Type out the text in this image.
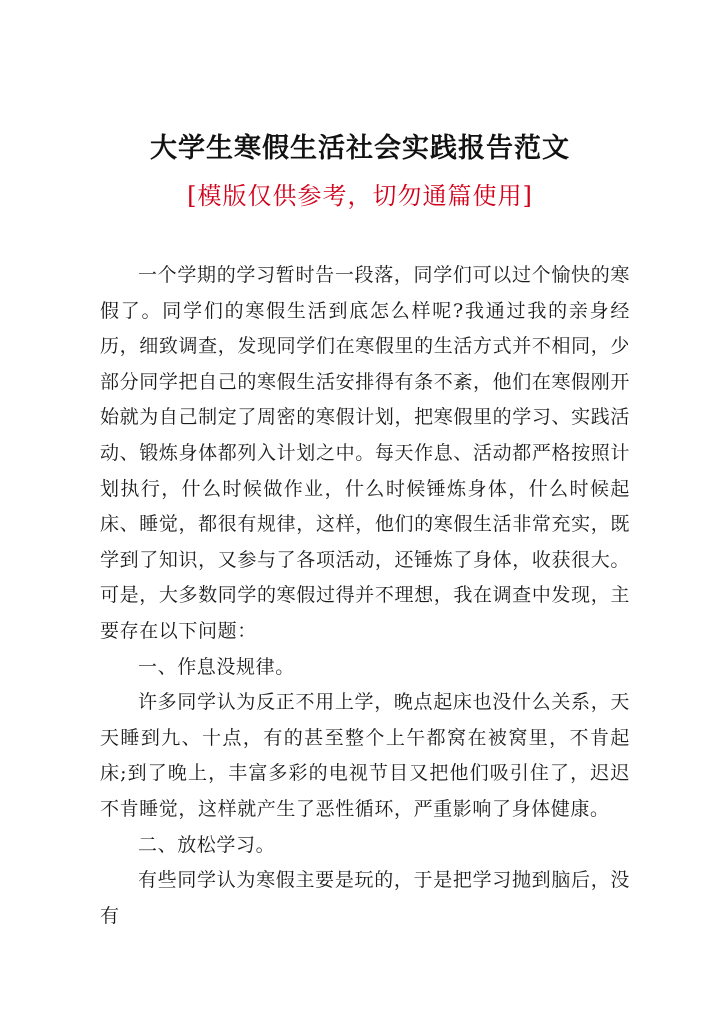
大学生寒假生活社会实践报告范文
[模版仅供参考，切勿通篇使用]

一个学期的学习暂时告一段落，同学们可以过个愉快的寒假了。同学们的寒假生活到底怎么样呢?我通过我的亲身经历，细致调查，发现同学们在寒假里的生活方式并不相同，少部分同学把自己的寒假生活安排得有条不紊，他们在寒假刚开始就为自己制定了周密的寒假计划，把寒假里的学习、实践活动、锻炼身体都列入计划之中。每天作息、活动都严格按照计划执行，什么时候做作业，什么时候锤炼身体，什么时候起床、睡觉，都很有规律，这样，他们的寒假生活非常充实，既学到了知识，又参与了各项活动，还锤炼了身体，收获很大。可是，大多数同学的寒假过得并不理想，我在调查中发现，主要存在以下问题：

一、作息没规律。

许多同学认为反正不用上学，晚点起床也没什么关系，天天睡到九、十点，有的甚至整个上午都窝在被窝里，不肯起床;到了晚上，丰富多彩的电视节目又把他们吸引住了，迟迟不肯睡觉，这样就产生了恶性循环，严重影响了身体健康。

二、放松学习。

有些同学认为寒假主要是玩的，于是把学习抛到脑后，没有
